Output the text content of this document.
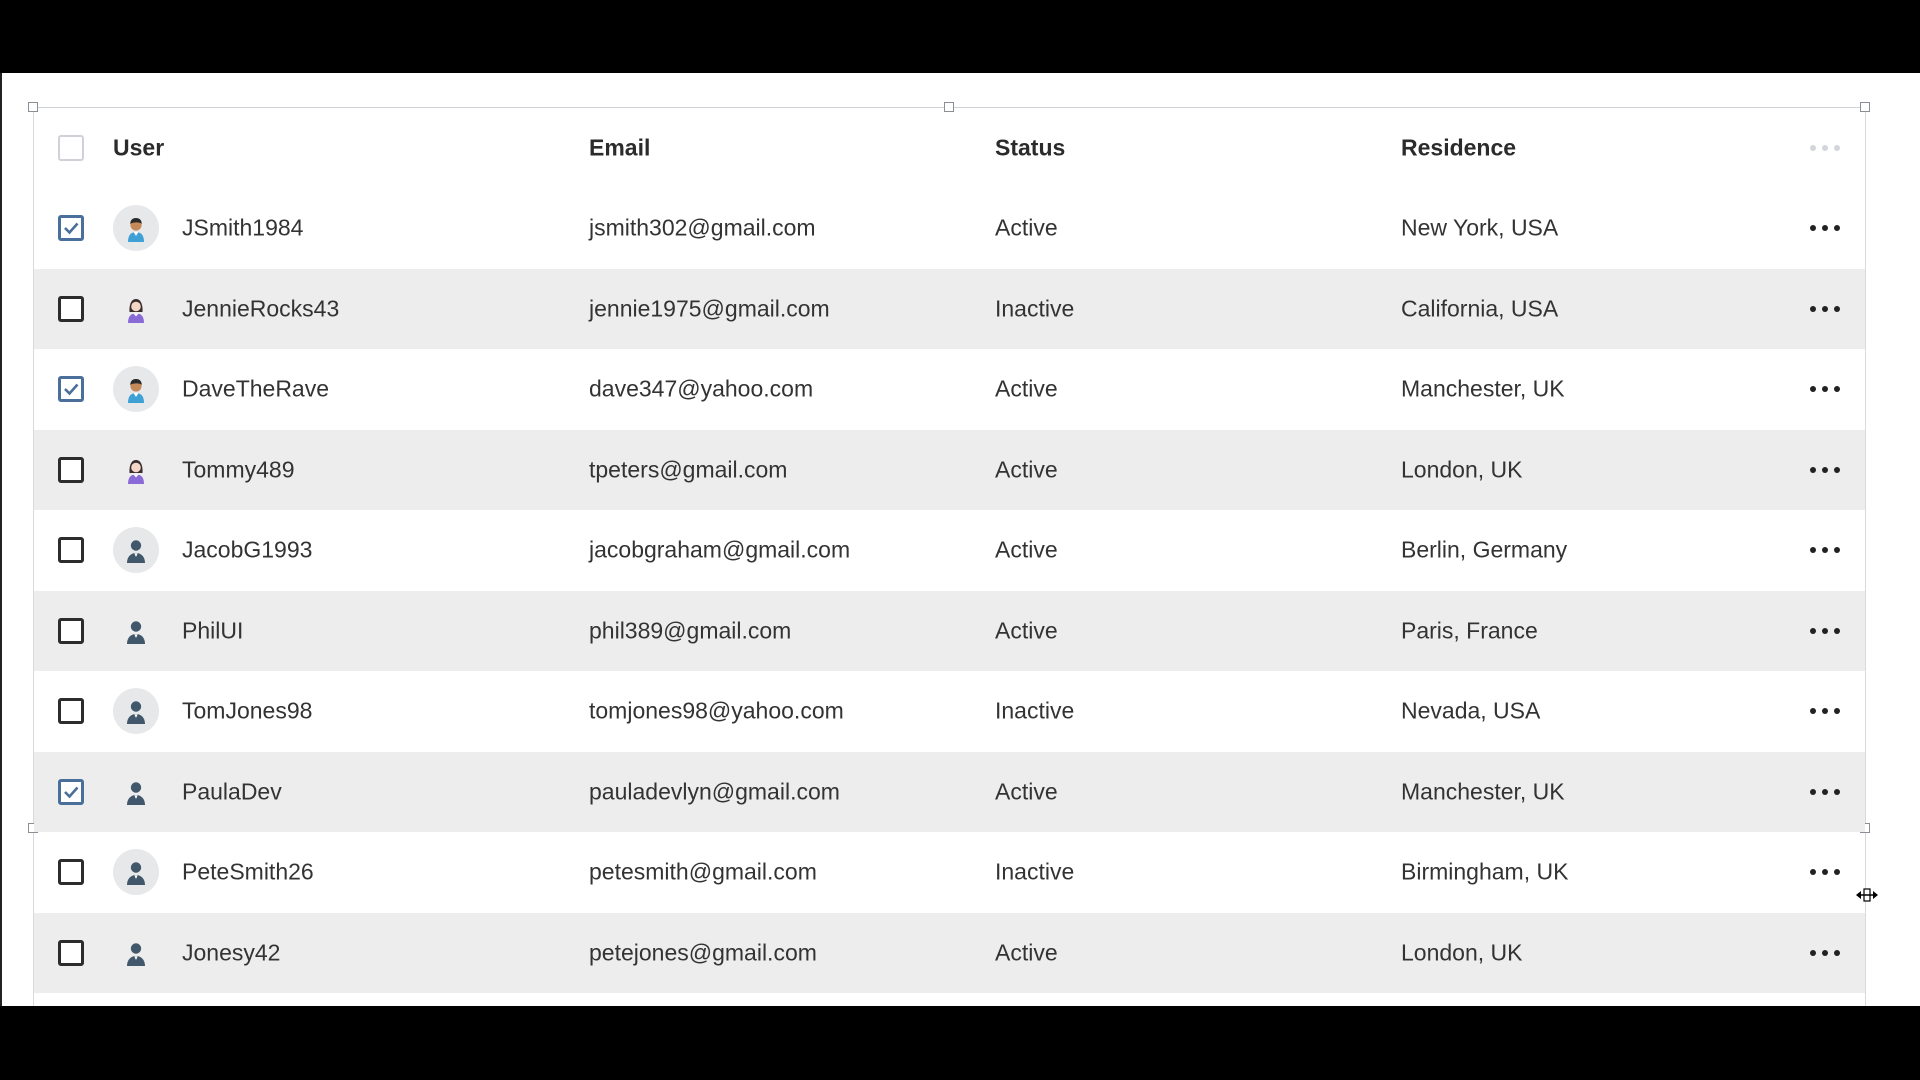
User	Email	Status	Residence
JSmith1984	jsmith302@gmail.com	Active	New York, USA
JennieRocks43	jennie1975@gmail.com	Inactive	California, USA
DaveTheRave	dave347@yahoo.com	Active	Manchester, UK
Tommy489	tpeters@gmail.com	Active	London, UK
JacobG1993	jacobgraham@gmail.com	Active	Berlin, Germany
PhilUI	phil389@gmail.com	Active	Paris, France
TomJones98	tomjones98@yahoo.com	Inactive	Nevada, USA
PaulaDev	pauladevlyn@gmail.com	Active	Manchester, UK
PeteSmith26	petesmith@gmail.com	Inactive	Birmingham, UK
Jonesy42	petejones@gmail.com	Active	London, UK
